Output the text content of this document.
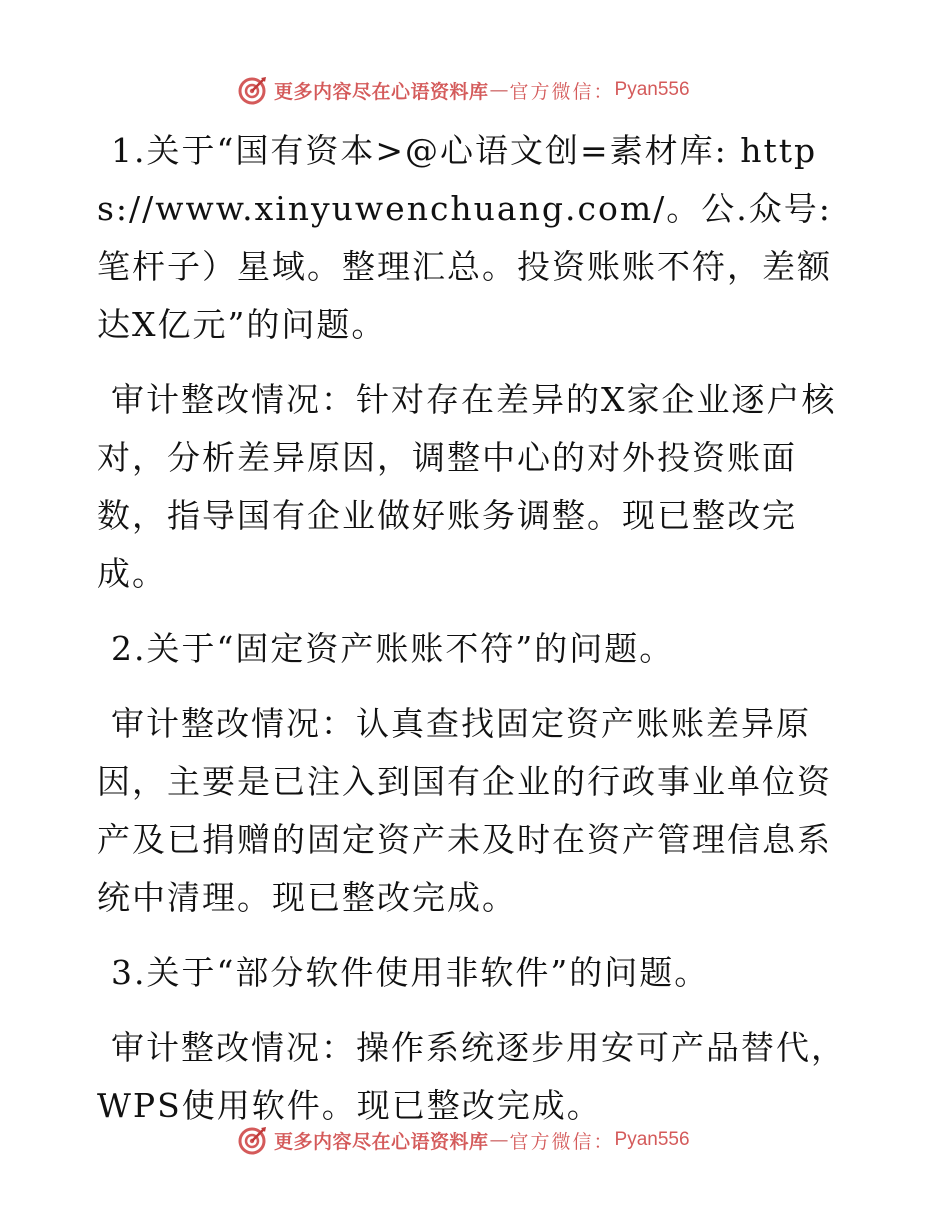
更多内容尽在心语资料库 — 官方微信： Pyan556

1.关于“国有资本>@心语文创=素材库: https://www.xinyuwenchuang.com/。公.众号: 笔杆子）星域。整理汇总。投资账账不符，差额达X亿元”的问题。

审计整改情况：针对存在差异的X家企业逐户核对，分析差异原因，调整中心的对外投资账面数，指导国有企业做好账务调整。现已整改完成。

2.关于“固定资产账账不符”的问题。

审计整改情况：认真查找固定资产账账差异原因，主要是已注入到国有企业的行政事业单位资产及已捐赠的固定资产未及时在资产管理信息系统中清理。现已整改完成。

3.关于“部分软件使用非软件”的问题。

审计整改情况：操作系统逐步用安可产品替代，WPS使用软件。现已整改完成。

更多内容尽在心语资料库 — 官方微信： Pyan556
